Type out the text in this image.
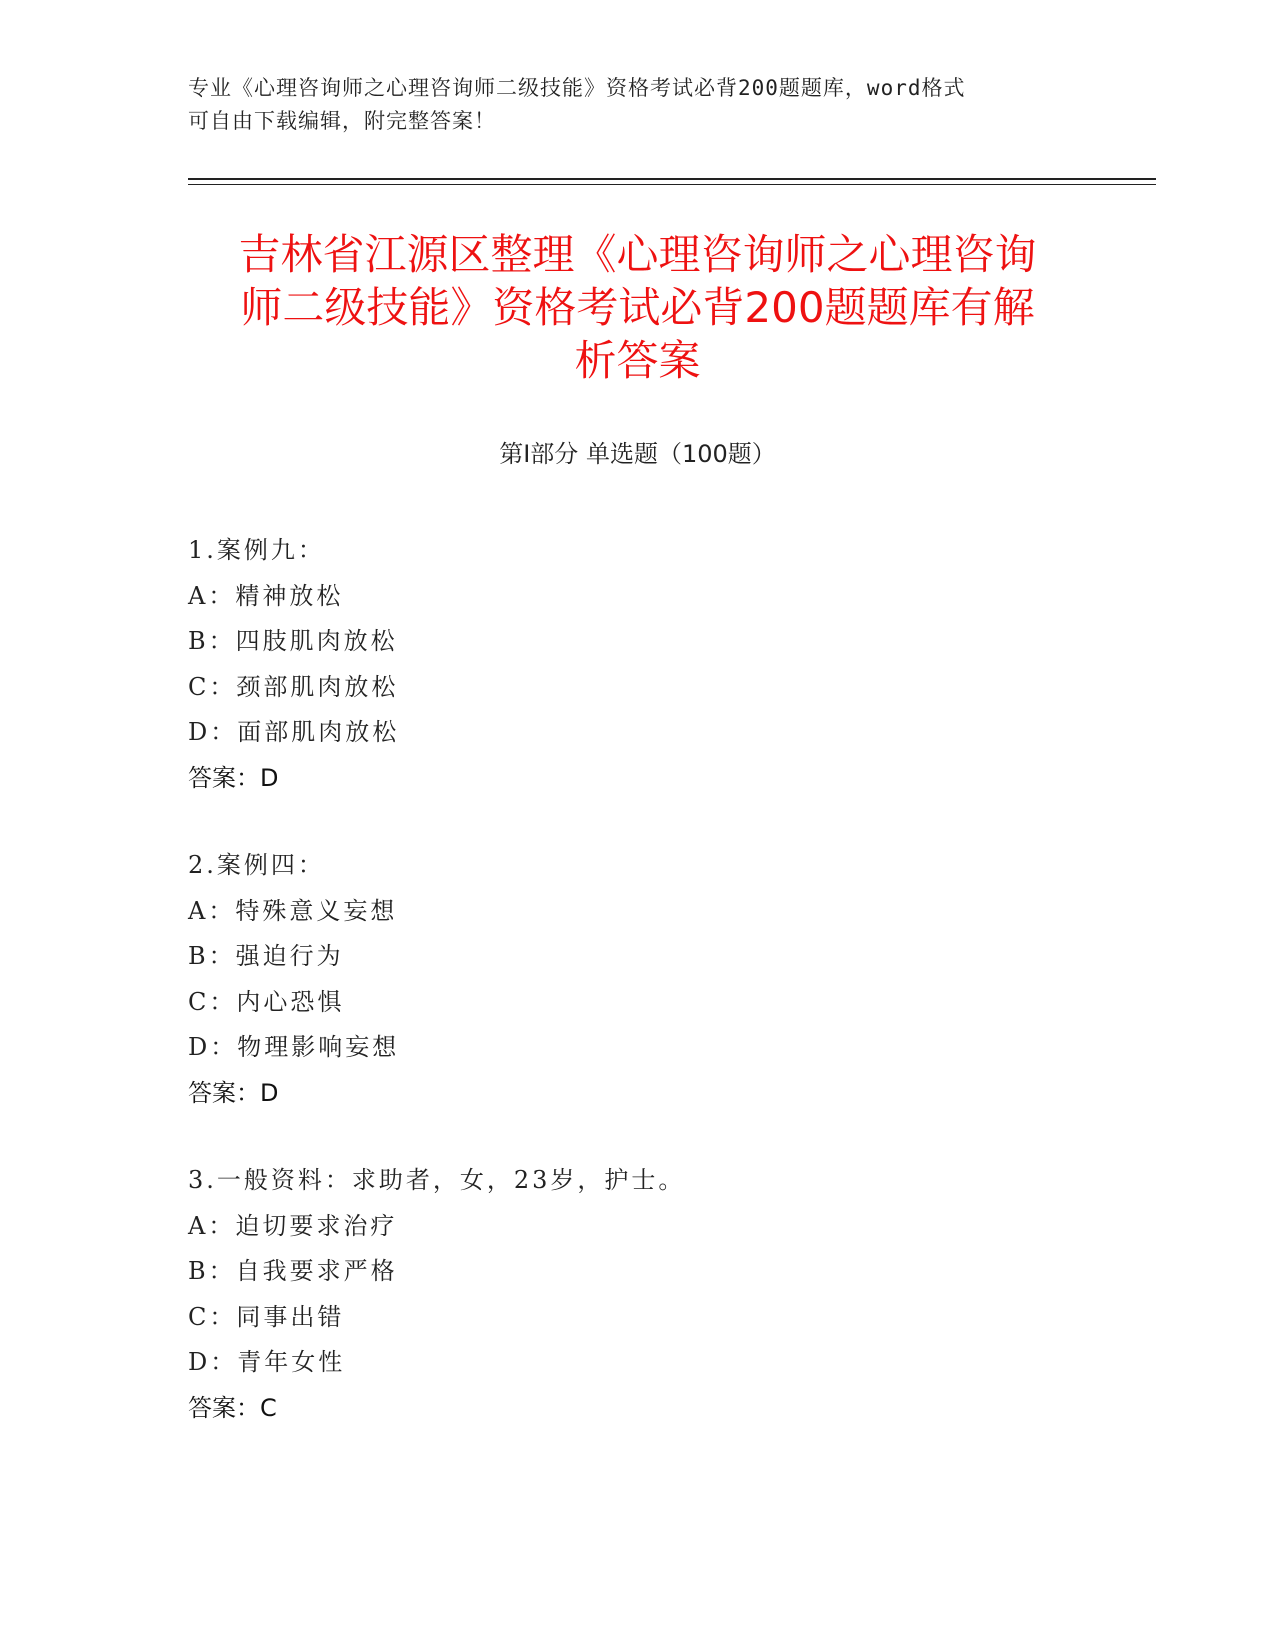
专业《心理咨询师之心理咨询师二级技能》资格考试必背200题题库，word格式
可自由下载编辑，附完整答案！
吉林省江源区整理《心理咨询师之心理咨询
师二级技能》资格考试必背200题题库有解
析答案
第Ⅰ部分 单选题（100题）
1.案例九：
A：精神放松
B：四肢肌肉放松
C：颈部肌肉放松
D：面部肌肉放松
答案：D
2.案例四：
A：特殊意义妄想
B：强迫行为
C：内心恐惧
D：物理影响妄想
答案：D
3.一般资料：求助者，女，23岁，护士。
A：迫切要求治疗
B：自我要求严格
C：同事出错
D：青年女性
答案：C
